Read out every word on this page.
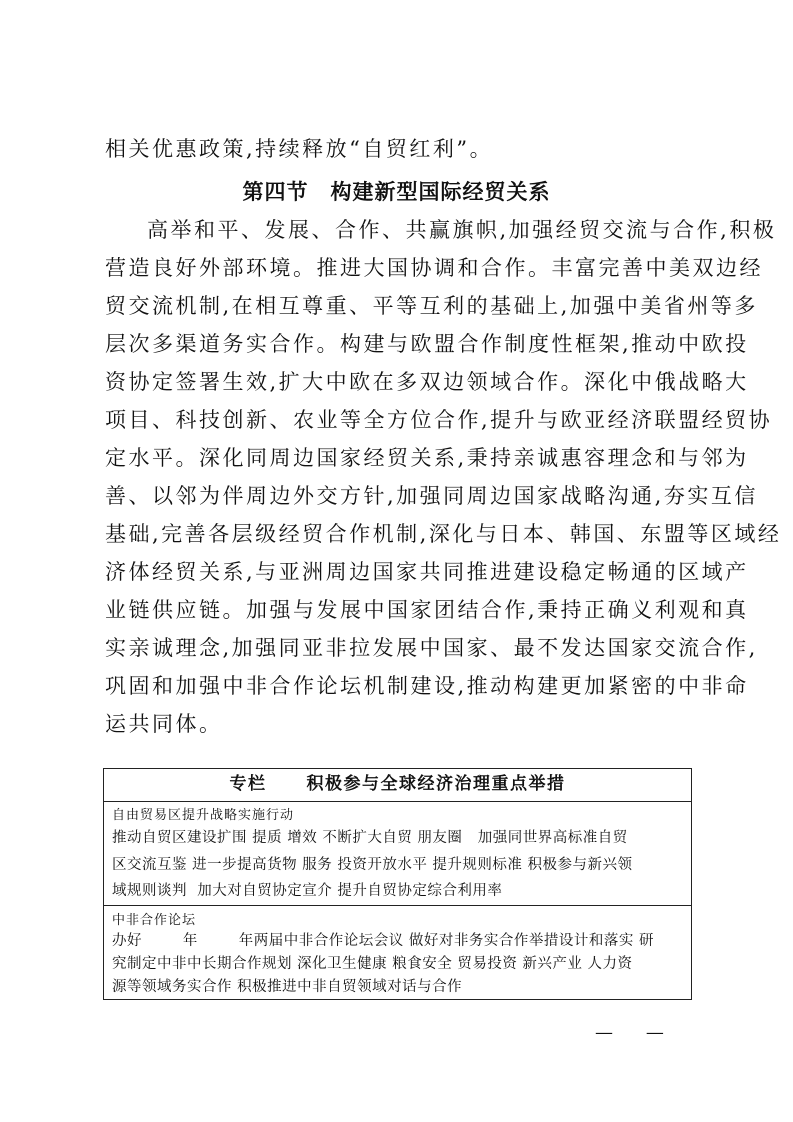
相关优惠政策,持续释放“自贸红利”。
第四节 构建新型国际经贸关系
高举和平、发展、合作、共赢旗帜,加强经贸交流与合作,积极
营造良好外部环境。推进大国协调和合作。丰富完善中美双边经
贸交流机制,在相互尊重、平等互利的基础上,加强中美省州等多
层次多渠道务实合作。构建与欧盟合作制度性框架,推动中欧投
资协定签署生效,扩大中欧在多双边领域合作。深化中俄战略大
项目、科技创新、农业等全方位合作,提升与欧亚经济联盟经贸协
定水平。深化同周边国家经贸关系,秉持亲诚惠容理念和与邻为
善、以邻为伴周边外交方针,加强同周边国家战略沟通,夯实互信
基础,完善各层级经贸合作机制,深化与日本、韩国、东盟等区域经
济体经贸关系,与亚洲周边国家共同推进建设稳定畅通的区域产
业链供应链。加强与发展中国家团结合作,秉持正确义利观和真
实亲诚理念,加强同亚非拉发展中国家、最不发达国家交流合作,
巩固和加强中非合作论坛机制建设,推动构建更加紧密的中非命
运共同体。
专栏 积极参与全球经济治理重点举措
自由贸易区提升战略实施行动
推动自贸区建设扩围 提质 增效 不断扩大自贸 朋友圈   加强同世界高标准自贸
区交流互鉴 进一步提高货物 服务 投资开放水平 提升规则标准 积极参与新兴领
域规则谈判  加大对自贸协定宣介 提升自贸协定综合利用率
中非合作论坛
办好        年        年两届中非合作论坛会议 做好对非务实合作举措设计和落实 研
究制定中非中长期合作规划 深化卫生健康 粮食安全 贸易投资 新兴产业 人力资
源等领域务实合作 积极推进中非自贸领域对话与合作
—    —
